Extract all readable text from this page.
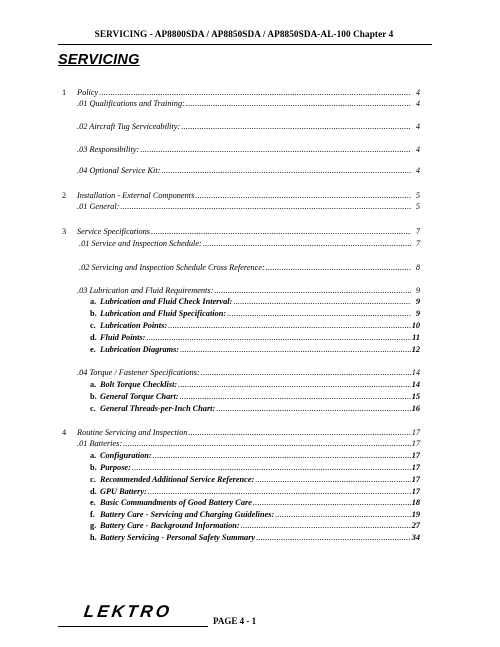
SERVICING - AP8800SDA / AP8850SDA / AP8850SDA-AL-100 Chapter 4
SERVICING
1 Policy .....	4
.01 Qualifications and Training: .....	4
.02 Aircraft Tug Serviceability: .....	4
.03 Responsibility: .....	4
.04 Optional Service Kit: .....	4
2 Installation - External Components .....	5
.01 General: .....	5
3 Service Specifications .....	7
.01 Service and Inspection Schedule: .....	7
.02 Servicing and Inspection Schedule Cross Reference: .....	8
.03 Lubrication and Fluid Requirements: .....	9
a. Lubrication and Fluid Check Interval: .....	9
b. Lubrication and Fluid Specification: .....	9
c. Lubrication Points: .....	10
d. Fluid Points: .....	11
e. Lubrication Diagrams: .....	12
.04 Torque / Fastener Specifications: .....	14
a. Bolt Torque Checklist: .....	14
b. General Torque Chart: .....	15
c. General Threads-per-Inch Chart: .....	16
4 Routine Servicing and Inspection .....	17
.01 Batteries: .....	17
a. Configuration: .....	17
b. Purpose: .....	17
c. Recommended Additional Service Reference: .....	17
d. GPU Battery: .....	17
e. Basic Commandments of Good Battery Care .....	18
f. Battery Care - Servicing and Charging Guidelines: .....	19
g. Battery Care - Background Information: .....	27
h. Battery Servicing - Personal Safety Summary .....	34
LEKTRO	PAGE 4 - 1
